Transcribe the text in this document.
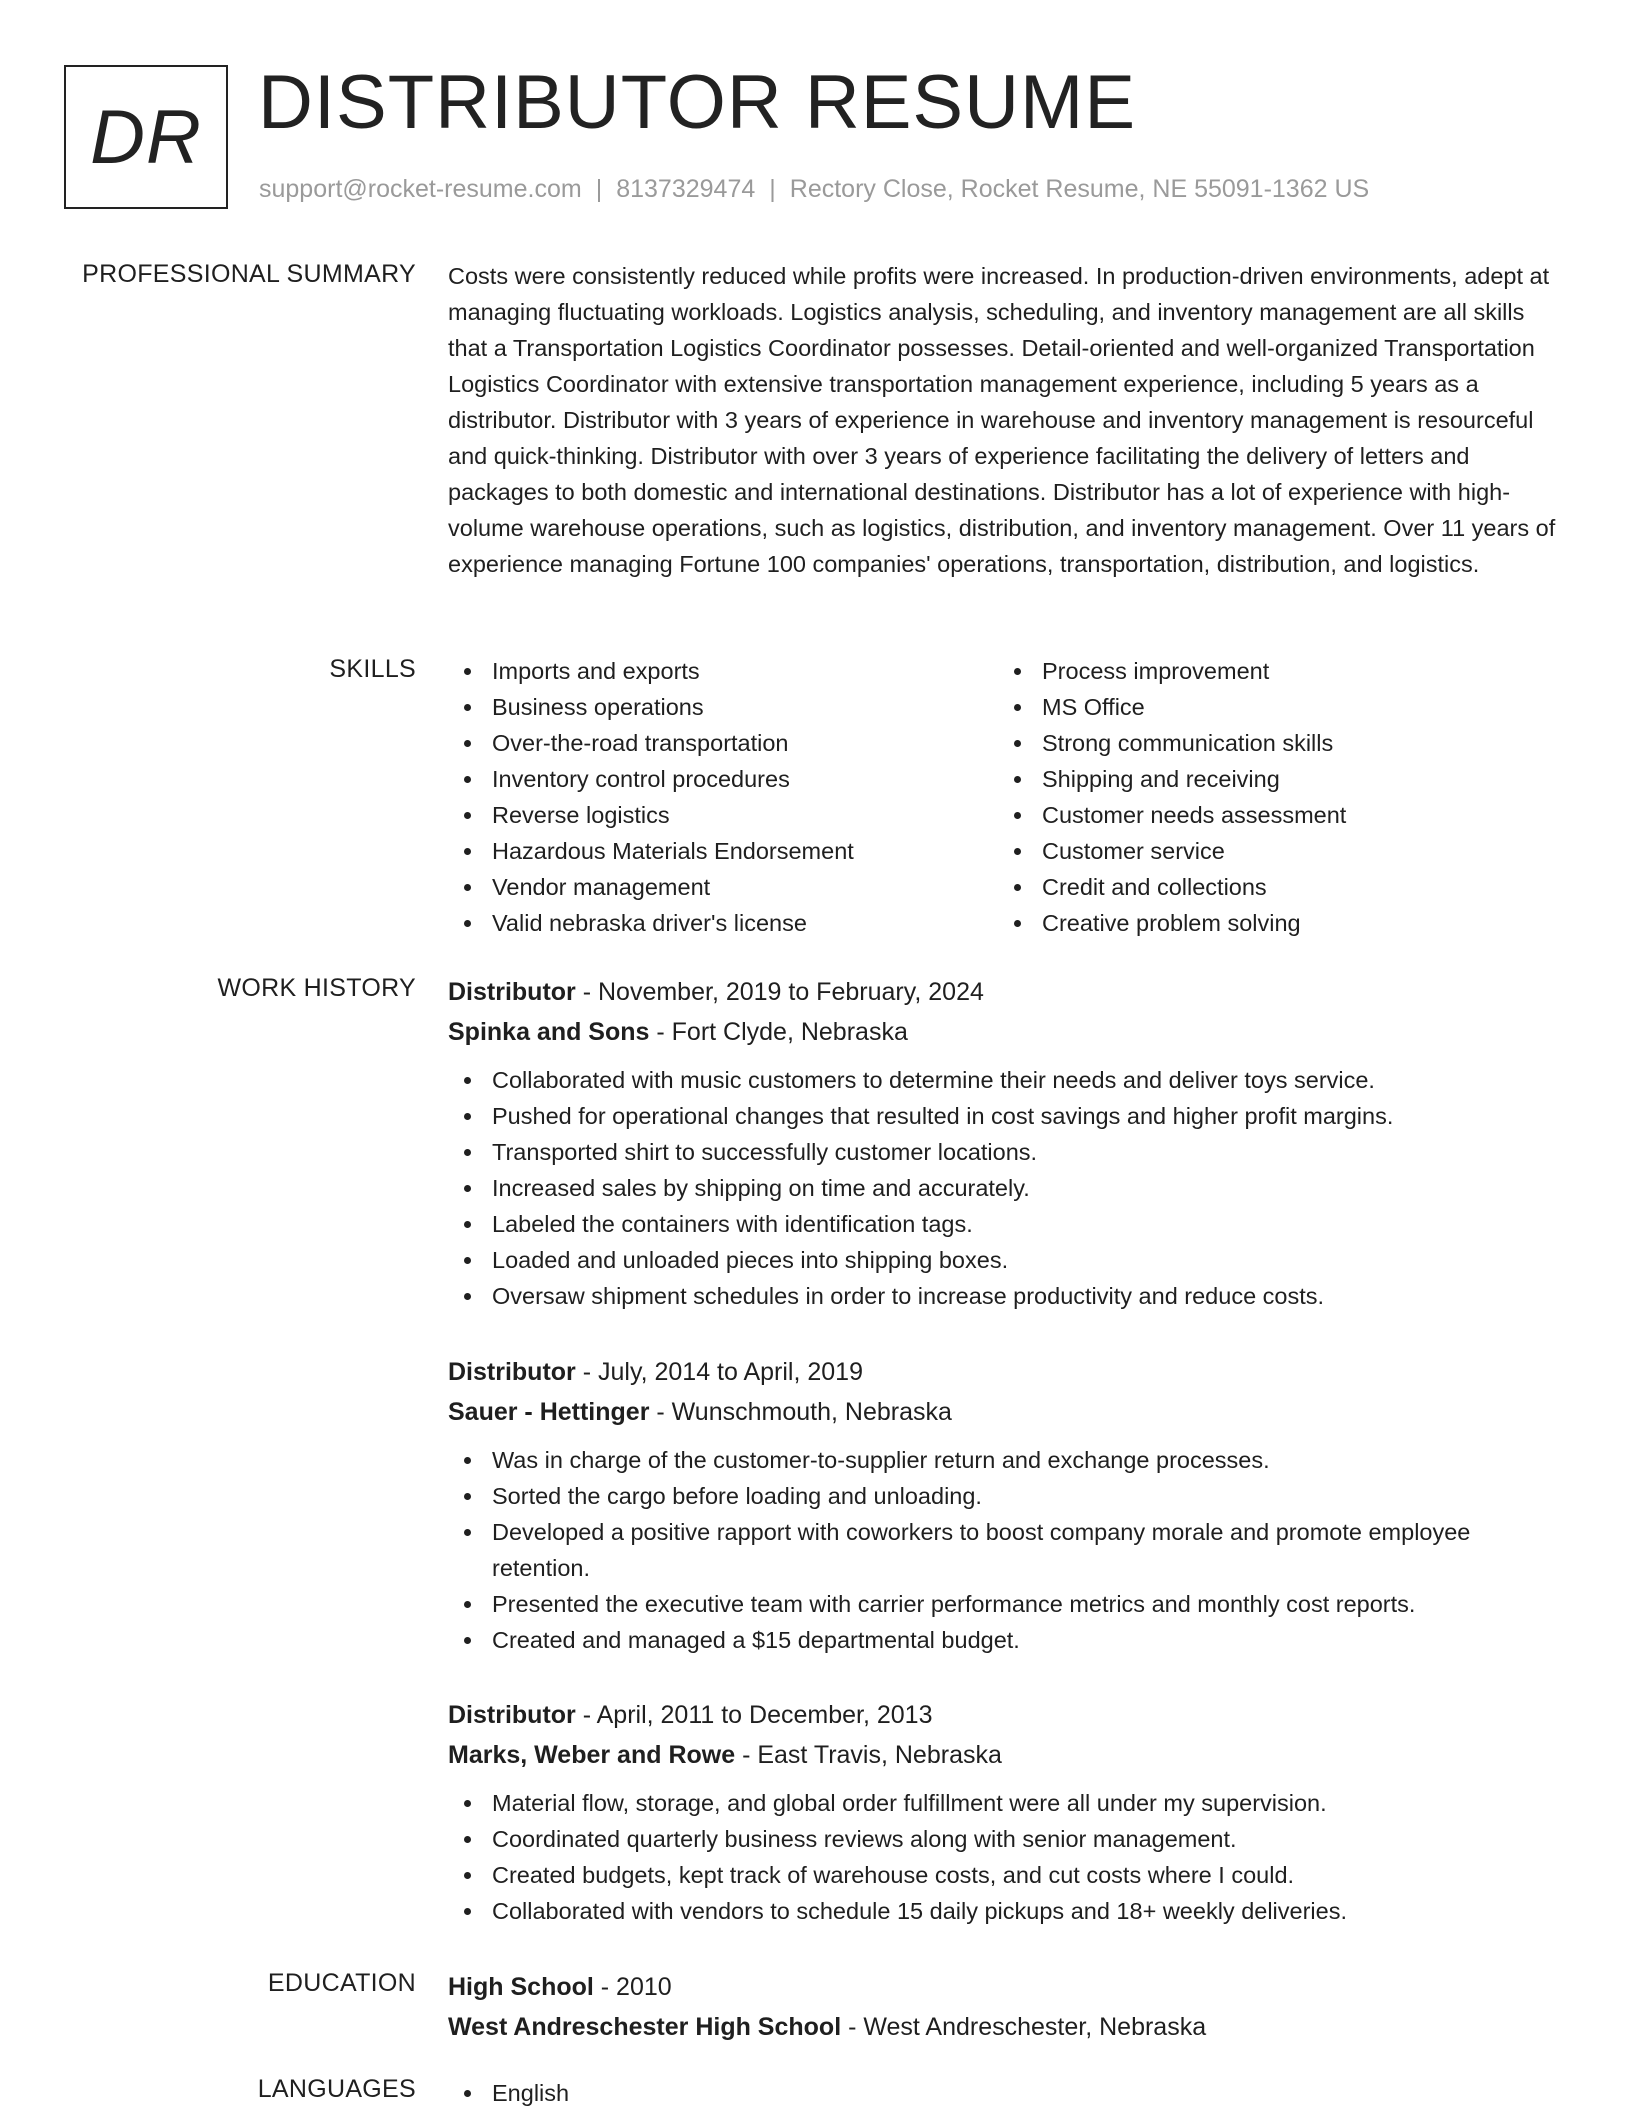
DR DISTRIBUTOR RESUME
support@rocket-resume.com | 8137329474 | Rectory Close, Rocket Resume, NE 55091-1362 US
PROFESSIONAL SUMMARY Costs were consistently reduced while profits were increased. In production-driven environments, adept at managing fluctuating workloads. Logistics analysis, scheduling, and inventory management are all skills that a Transportation Logistics Coordinator possesses. Detail-oriented and well-organized Transportation Logistics Coordinator with extensive transportation management experience, including 5 years as a distributor. Distributor with 3 years of experience in warehouse and inventory management is resourceful and quick-thinking. Distributor with over 3 years of experience facilitating the delivery of letters and packages to both domestic and international destinations. Distributor has a lot of experience with high-volume warehouse operations, such as logistics, distribution, and inventory management. Over 11 years of experience managing Fortune 100 companies' operations, transportation, distribution, and logistics.

SKILLS	Imports and exports
Business operations
Over-the-road transportation
Inventory control procedures
Reverse logistics
Hazardous Materials Endorsement
Vendor management
Valid nebraska driver's license
Process improvement
MS Office
Strong communication skills
Shipping and receiving
Customer needs assessment
Customer service
Credit and collections
Creative problem solving
WORK HISTORY Distributor - November, 2019 to February, 2024
Spinka and Sons - Fort Clyde, Nebraska
Collaborated with music customers to determine their needs and deliver toys service.
Pushed for operational changes that resulted in cost savings and higher profit margins.
Transported shirt to successfully customer locations.
Increased sales by shipping on time and accurately.
Labeled the containers with identification tags.
Loaded and unloaded pieces into shipping boxes.
Oversaw shipment schedules in order to increase productivity and reduce costs.
Distributor - July, 2014 to April, 2019
Sauer - Hettinger - Wunschmouth, Nebraska
Was in charge of the customer-to-supplier return and exchange processes.
Sorted the cargo before loading and unloading.
Developed a positive rapport with coworkers to boost company morale and promote employee retention.
Presented the executive team with carrier performance metrics and monthly cost reports.
Created and managed a $15 departmental budget.
Distributor - April, 2011 to December, 2013
Marks, Weber and Rowe - East Travis, Nebraska
Material flow, storage, and global order fulfillment were all under my supervision.
Coordinated quarterly business reviews along with senior management.
Created budgets, kept track of warehouse costs, and cut costs where I could.
Collaborated with vendors to schedule 15 daily pickups and 18+ weekly deliveries.
EDUCATION High School - 2010
West Andreschester High School - West Andreschester, Nebraska
LANGUAGES	English
